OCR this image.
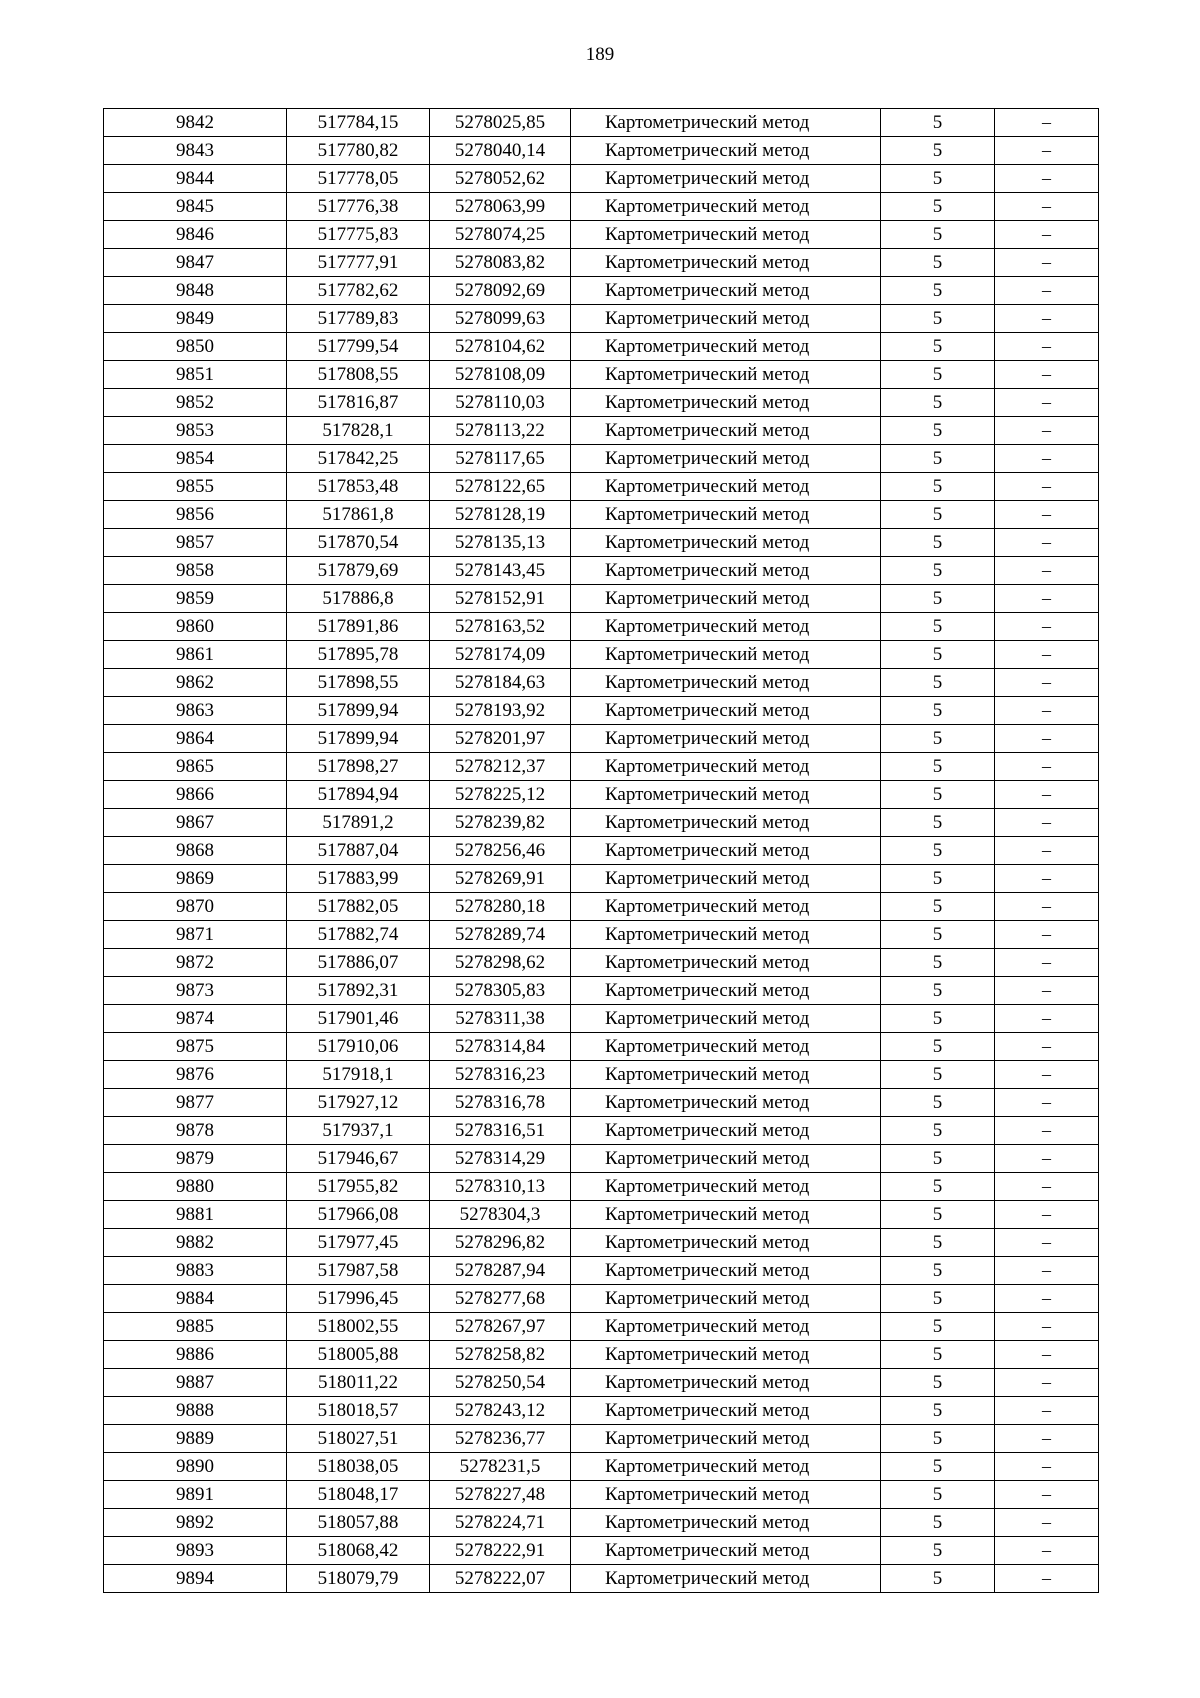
189
9842	517784,15	5278025,85	Картометрический метод	5	–
9843	517780,82	5278040,14	Картометрический метод	5	–
9844	517778,05	5278052,62	Картометрический метод	5	–
9845	517776,38	5278063,99	Картометрический метод	5	–
9846	517775,83	5278074,25	Картометрический метод	5	–
9847	517777,91	5278083,82	Картометрический метод	5	–
9848	517782,62	5278092,69	Картометрический метод	5	–
9849	517789,83	5278099,63	Картометрический метод	5	–
9850	517799,54	5278104,62	Картометрический метод	5	–
9851	517808,55	5278108,09	Картометрический метод	5	–
9852	517816,87	5278110,03	Картометрический метод	5	–
9853	517828,1	5278113,22	Картометрический метод	5	–
9854	517842,25	5278117,65	Картометрический метод	5	–
9855	517853,48	5278122,65	Картометрический метод	5	–
9856	517861,8	5278128,19	Картометрический метод	5	–
9857	517870,54	5278135,13	Картометрический метод	5	–
9858	517879,69	5278143,45	Картометрический метод	5	–
9859	517886,8	5278152,91	Картометрический метод	5	–
9860	517891,86	5278163,52	Картометрический метод	5	–
9861	517895,78	5278174,09	Картометрический метод	5	–
9862	517898,55	5278184,63	Картометрический метод	5	–
9863	517899,94	5278193,92	Картометрический метод	5	–
9864	517899,94	5278201,97	Картометрический метод	5	–
9865	517898,27	5278212,37	Картометрический метод	5	–
9866	517894,94	5278225,12	Картометрический метод	5	–
9867	517891,2	5278239,82	Картометрический метод	5	–
9868	517887,04	5278256,46	Картометрический метод	5	–
9869	517883,99	5278269,91	Картометрический метод	5	–
9870	517882,05	5278280,18	Картометрический метод	5	–
9871	517882,74	5278289,74	Картометрический метод	5	–
9872	517886,07	5278298,62	Картометрический метод	5	–
9873	517892,31	5278305,83	Картометрический метод	5	–
9874	517901,46	5278311,38	Картометрический метод	5	–
9875	517910,06	5278314,84	Картометрический метод	5	–
9876	517918,1	5278316,23	Картометрический метод	5	–
9877	517927,12	5278316,78	Картометрический метод	5	–
9878	517937,1	5278316,51	Картометрический метод	5	–
9879	517946,67	5278314,29	Картометрический метод	5	–
9880	517955,82	5278310,13	Картометрический метод	5	–
9881	517966,08	5278304,3	Картометрический метод	5	–
9882	517977,45	5278296,82	Картометрический метод	5	–
9883	517987,58	5278287,94	Картометрический метод	5	–
9884	517996,45	5278277,68	Картометрический метод	5	–
9885	518002,55	5278267,97	Картометрический метод	5	–
9886	518005,88	5278258,82	Картометрический метод	5	–
9887	518011,22	5278250,54	Картометрический метод	5	–
9888	518018,57	5278243,12	Картометрический метод	5	–
9889	518027,51	5278236,77	Картометрический метод	5	–
9890	518038,05	5278231,5	Картометрический метод	5	–
9891	518048,17	5278227,48	Картометрический метод	5	–
9892	518057,88	5278224,71	Картометрический метод	5	–
9893	518068,42	5278222,91	Картометрический метод	5	–
9894	518079,79	5278222,07	Картометрический метод	5	–
